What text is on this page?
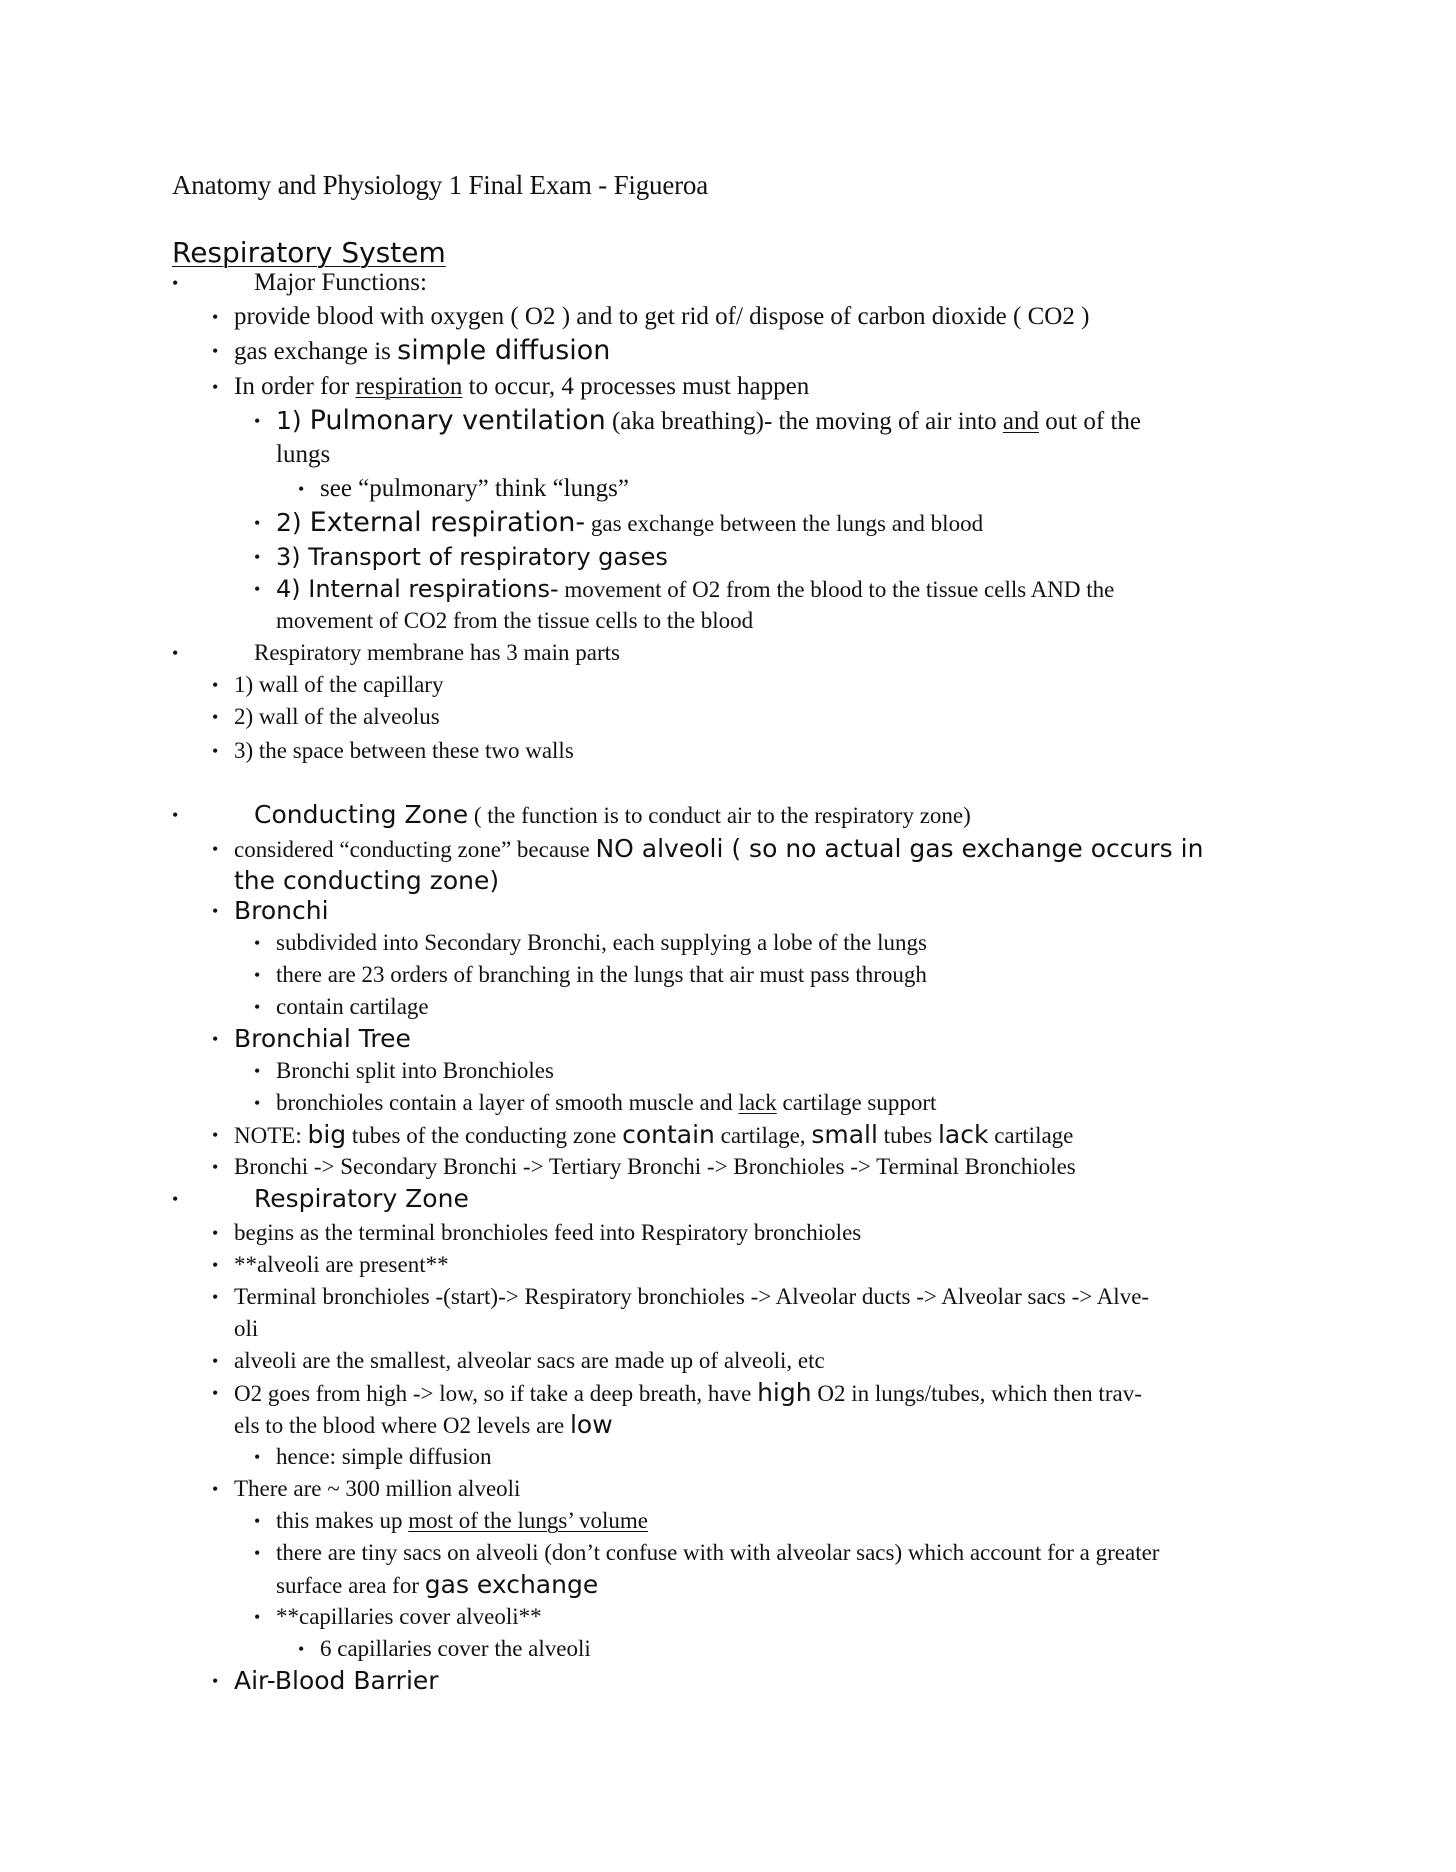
Anatomy and Physiology 1 Final Exam - Figueroa
Respiratory System
•	Major Functions:
• provide blood with oxygen ( O2 ) and to get rid of/ dispose of carbon dioxide ( CO2 )
• gas exchange is simple diffusion
• In order for respiration to occur, 4 processes must happen
• 1) Pulmonary ventilation (aka breathing)- the moving of air into and out of the
lungs
• see “pulmonary” think “lungs”
• 2) External respiration- gas exchange between the lungs and blood
• 3) Transport of respiratory gases
• 4) Internal respirations- movement of O2 from the blood to the tissue cells AND the
movement of CO2 from the tissue cells to the blood
•	Respiratory membrane has 3 main parts
• 1) wall of the capillary
• 2) wall of the alveolus
• 3) the space between these two walls
•	Conducting Zone ( the function is to conduct air to the respiratory zone)
• considered “conducting zone” because NO alveoli ( so no actual gas exchange occurs in
the conducting zone)
• Bronchi
• subdivided into Secondary Bronchi, each supplying a lobe of the lungs
• there are 23 orders of branching in the lungs that air must pass through
• contain cartilage
• Bronchial Tree
• Bronchi split into Bronchioles
• bronchioles contain a layer of smooth muscle and lack cartilage support
• NOTE: big tubes of the conducting zone contain cartilage, small tubes lack cartilage
• Bronchi -> Secondary Bronchi -> Tertiary Bronchi -> Bronchioles -> Terminal Bronchioles
•	Respiratory Zone
• begins as the terminal bronchioles feed into Respiratory bronchioles
• **alveoli are present**
• Terminal bronchioles -(start)-> Respiratory bronchioles -> Alveolar ducts -> Alveolar sacs -> Alve-
oli
• alveoli are the smallest, alveolar sacs are made up of alveoli, etc
• O2 goes from high -> low, so if take a deep breath, have high O2 in lungs/tubes, which then trav-
els to the blood where O2 levels are low
• hence: simple diffusion
• There are ~ 300 million alveoli
• this makes up most of the lungs’ volume
• there are tiny sacs on alveoli (don’t confuse with with alveolar sacs) which account for a greater
surface area for gas exchange
• **capillaries cover alveoli**
• 6 capillaries cover the alveoli
• Air-Blood Barrier
